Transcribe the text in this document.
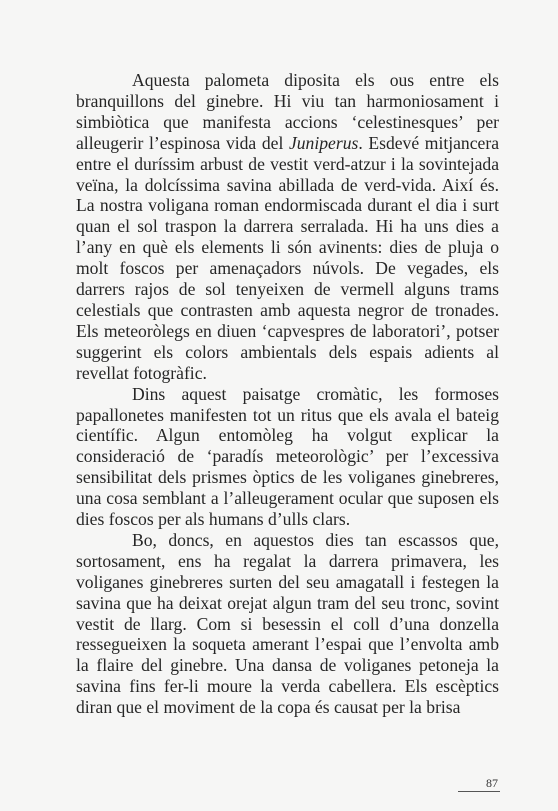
Aquesta palometa diposita els ous entre els branquillons del ginebre. Hi viu tan harmoniosament i simbiòtica que manifesta accions ‘celestinesques’ per alleugerir l’espinosa vida del Juniperus. Esdevé mitjancera entre el duríssim arbust de vestit verd-atzur i la sovintejada veïna, la dolcíssima savina abillada de verd-vida. Així és. La nostra voligana roman endormiscada durant el dia i surt quan el sol traspon la darrera serralada. Hi ha uns dies a l’any en què els elements li són avinents: dies de pluja o molt foscos per amenaçadors núvols. De vegades, els darrers rajos de sol tenyeixen de vermell alguns trams celestials que contrasten amb aquesta negror de tronades. Els meteoròlegs en diuen ‘capvespres de laboratori’, potser suggerint els colors ambientals dels espais adients al revellat fotogràfic.

Dins aquest paisatge cromàtic, les formoses papallonetes manifesten tot un ritus que els avala el bateig científic. Algun entomòleg ha volgut explicar la consideració de ‘paradís meteorològic’ per l’excessiva sensibilitat dels prismes òptics de les voliganes ginebreres, una cosa semblant a l’alleugerament ocular que suposen els dies foscos per als humans d’ulls clars.

Bo, doncs, en aquestos dies tan escassos que, sortosament, ens ha regalat la darrera primavera, les voliganes ginebreres surten del seu amagatall i festegen la savina que ha deixat orejat algun tram del seu tronc, sovint vestit de llarg. Com si besessin el coll d’una donzella ressegueixen la soqueta amerant l’espai que l’envolta amb la flaire del ginebre. Una dansa de voliganes petoneja la savina fins fer-li moure la verda cabellera. Els escèptics diran que el moviment de la copa és causat per la brisa

87
